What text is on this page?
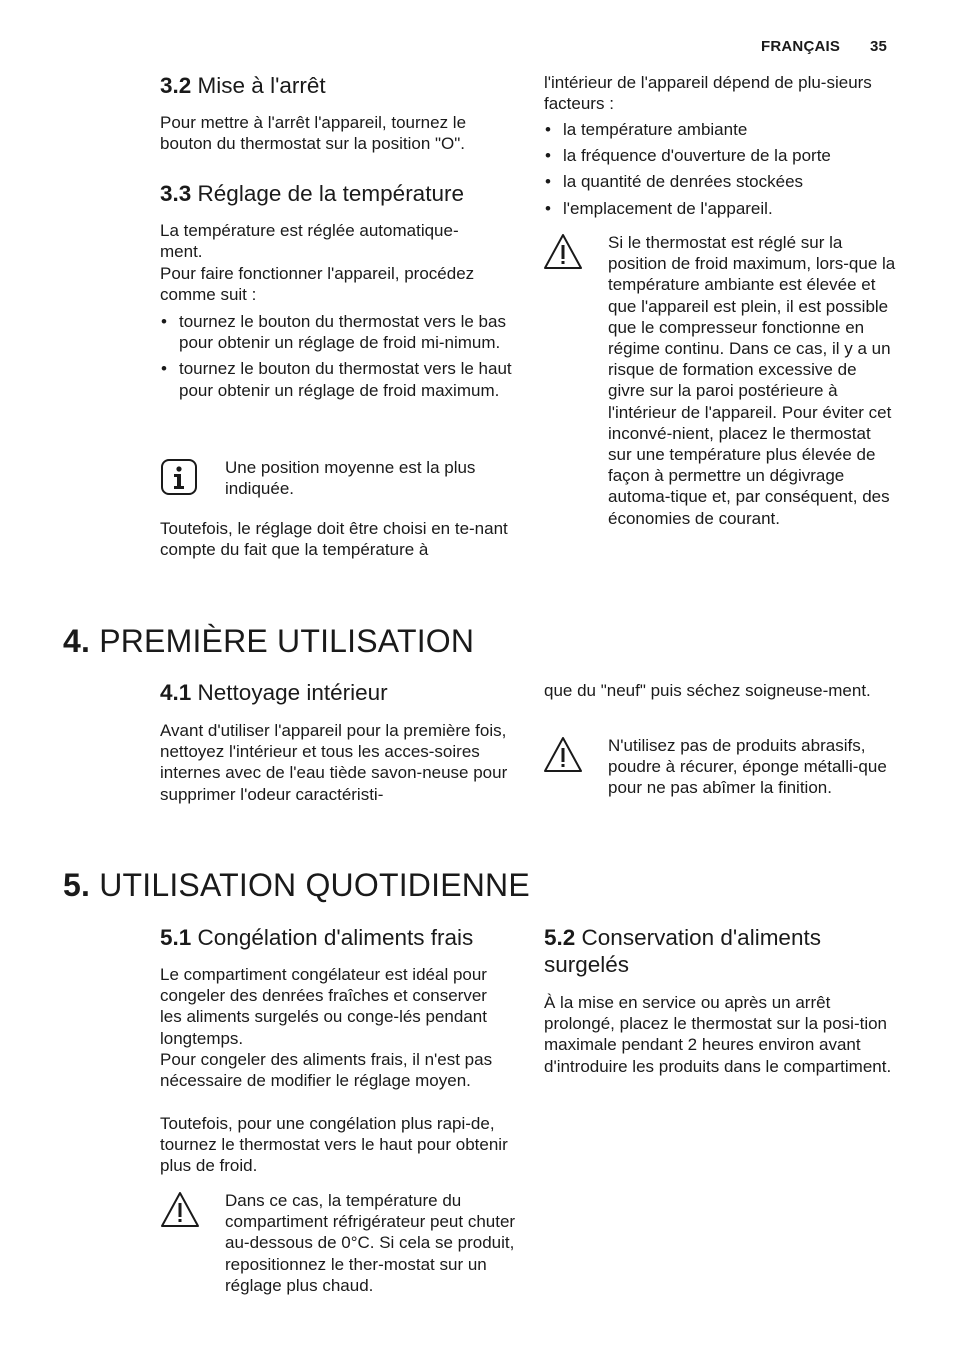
FRANÇAIS 35
3.2 Mise à l'arrêt

Pour mettre à l'arrêt l'appareil, tournez le bouton du thermostat sur la position "O".

3.3 Réglage de la température

La température est réglée automatique-ment.

Pour faire fonctionner l'appareil, procédez comme suit :

• tournez le bouton du thermostat vers le bas pour obtenir un réglage de froid mi-nimum.

• tournez le bouton du thermostat vers le haut pour obtenir un réglage de froid maximum.

Une position moyenne est la plus indiquée.

Toutefois, le réglage doit être choisi en te-nant compte du fait que la température à

l'intérieur de l'appareil dépend de plu-sieurs facteurs :

• la température ambiante

• la fréquence d'ouverture de la porte

• la quantité de denrées stockées

• l'emplacement de l'appareil.

Si le thermostat est réglé sur la position de froid maximum, lors-que la température ambiante est élevée et que l'appareil est plein, il est possible que le compresseur fonctionne en régime continu. Dans ce cas, il y a un risque de formation excessive de givre sur la paroi postérieure à l'intérieur de l'appareil. Pour éviter cet inconvé-nient, placez le thermostat sur une température plus élevée de façon à permettre un dégivrage automa-tique et, par conséquent, des économies de courant.
4. PREMIÈRE UTILISATION
4.1 Nettoyage intérieur

Avant d'utiliser l'appareil pour la première fois, nettoyez l'intérieur et tous les acces-soires internes avec de l'eau tiède savon-neuse pour supprimer l'odeur caractéristi-

que du "neuf" puis séchez soigneuse-ment.

N'utilisez pas de produits abrasifs, poudre à récurer, éponge métalli-que pour ne pas abîmer la finition.
5. UTILISATION QUOTIDIENNE
5.1 Congélation d'aliments frais

Le compartiment congélateur est idéal pour congeler des denrées fraîches et conserver les aliments surgelés ou conge-lés pendant longtemps.

Pour congeler des aliments frais, il n'est pas nécessaire de modifier le réglage moyen.

Toutefois, pour une congélation plus rapi-de, tournez le thermostat vers le haut pour obtenir plus de froid.

Dans ce cas, la température du compartiment réfrigérateur peut chuter au-dessous de 0°C. Si cela se produit, repositionnez le ther-mostat sur un réglage plus chaud.
5.2 Conservation d'aliments surgelés

À la mise en service ou après un arrêt prolongé, placez le thermostat sur la posi-tion maximale pendant 2 heures environ avant d'introduire les produits dans le compartiment.
